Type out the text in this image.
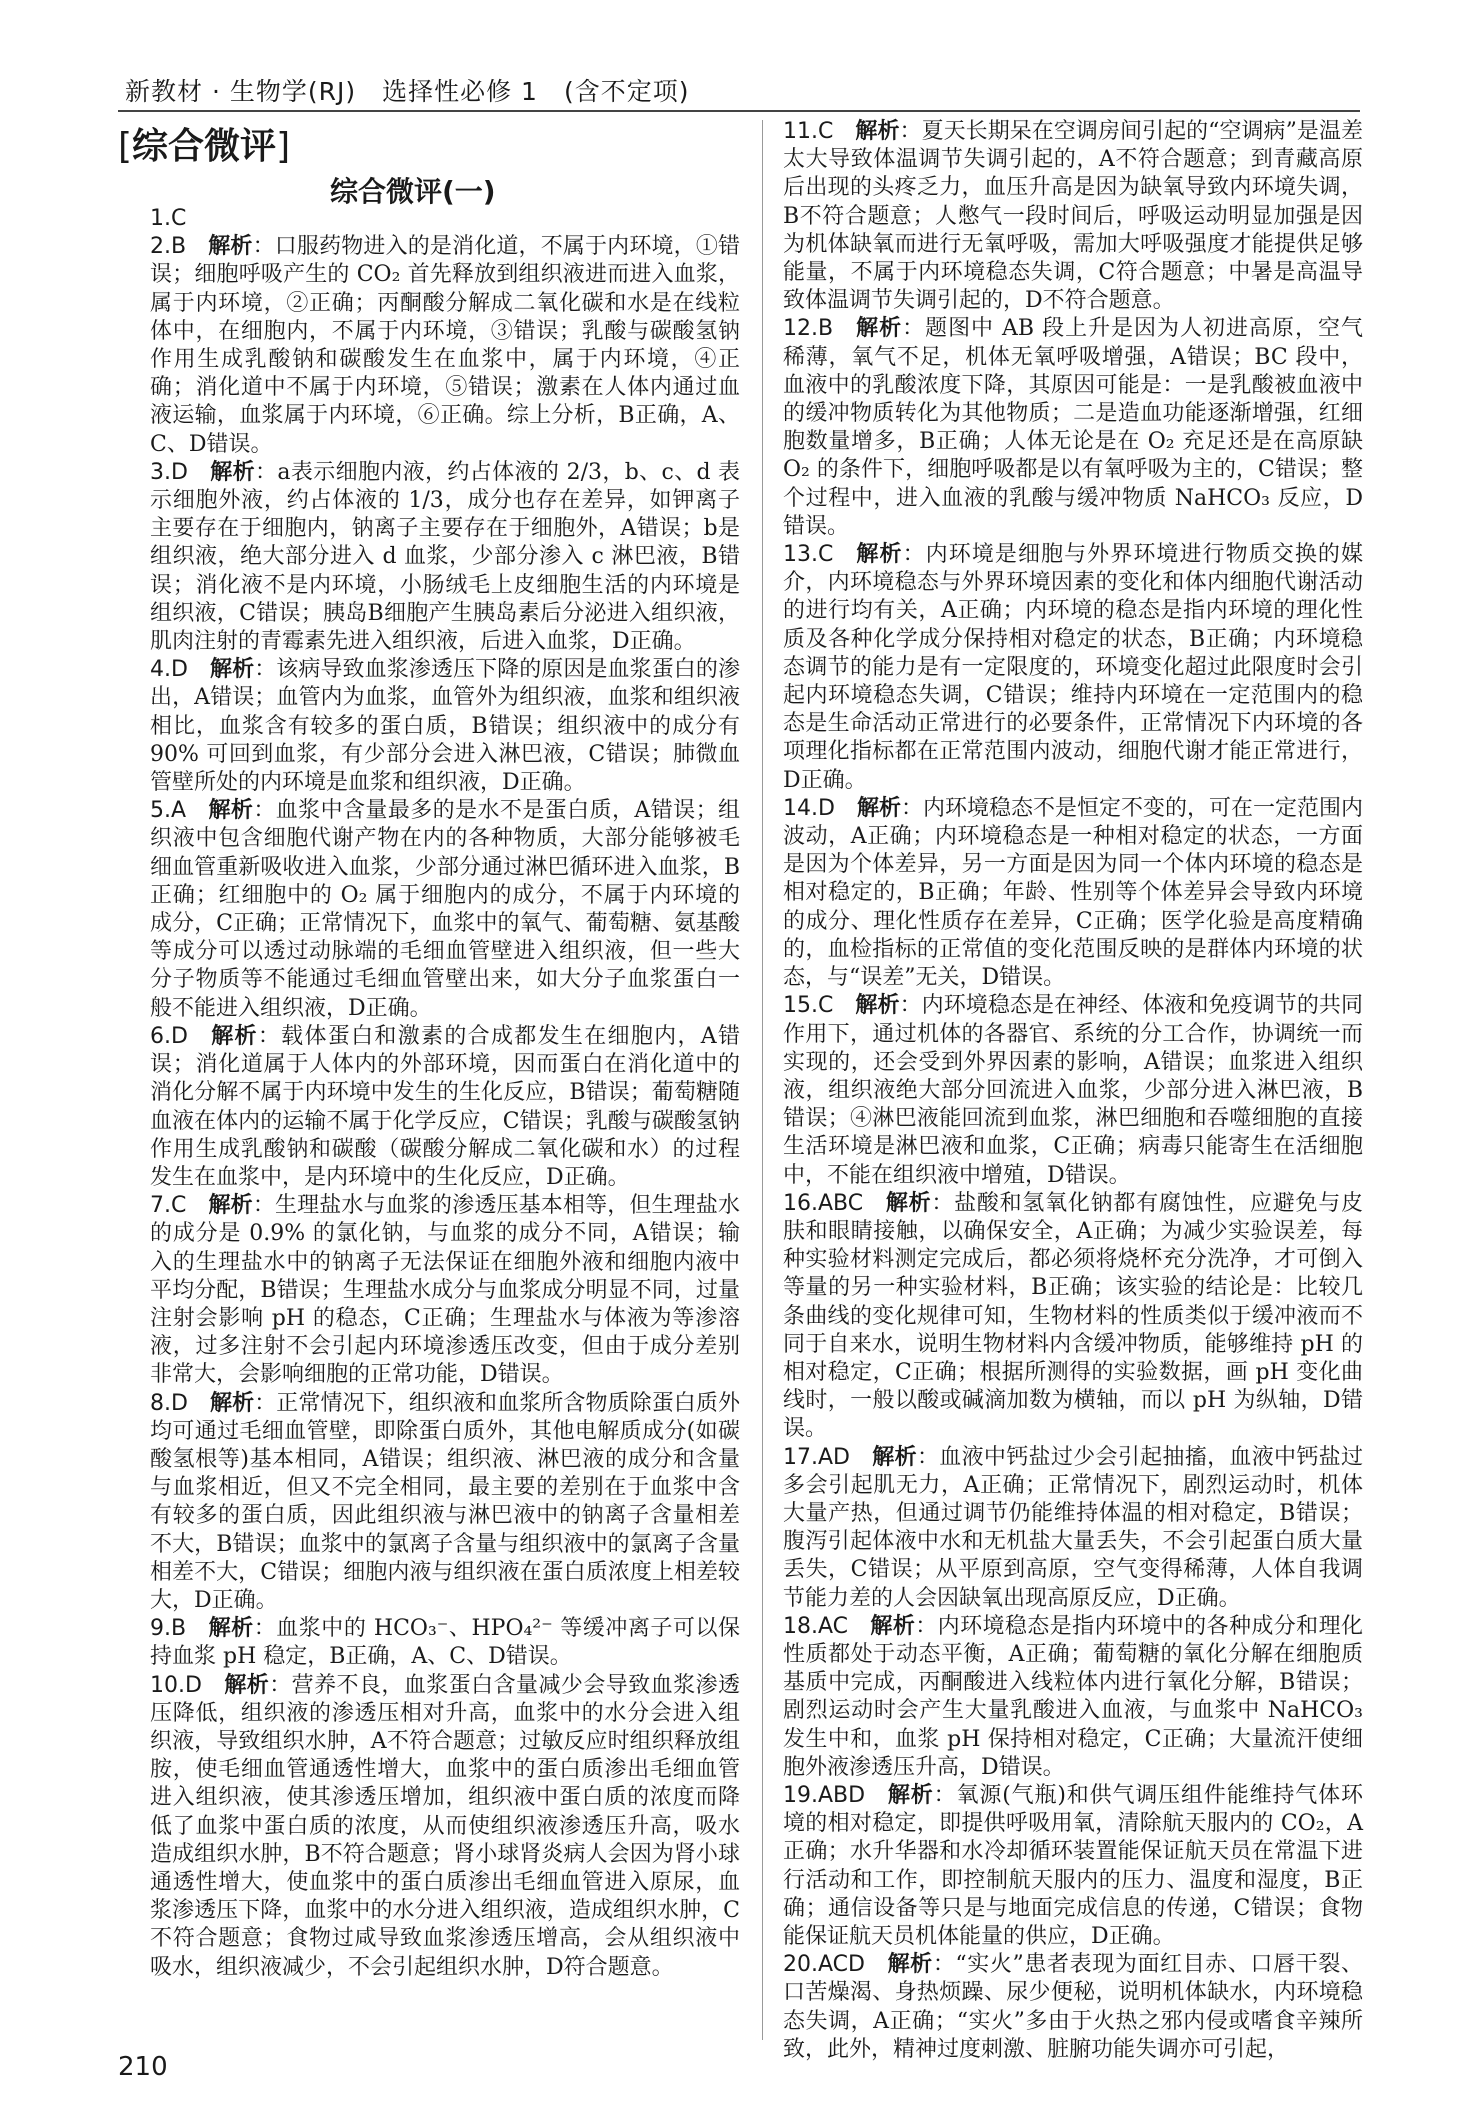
新教材 · 生物学(RJ)　选择性必修 1　(含不定项)
[综合微评]
综合微评(一)
1.C
2.B  解析：口服药物进入的是消化道，不属于内环境，①错误；细胞呼吸产生的 CO₂ 首先释放到组织液进而进入血浆，属于内环境，②正确；丙酮酸分解成二氧化碳和水是在线粒体中，在细胞内，不属于内环境，③错误；乳酸与碳酸氢钠作用生成乳酸钠和碳酸发生在血浆中，属于内环境，④正确；消化道中不属于内环境，⑤错误；激素在人体内通过血液运输，血浆属于内环境，⑥正确。综上分析，B正确，A、C、D错误。
3.D  解析：a表示细胞内液，约占体液的 2/3，b、c、d 表示细胞外液，约占体液的 1/3，成分也存在差异，如钾离子主要存在于细胞内，钠离子主要存在于细胞外，A错误；b是组织液，绝大部分进入 d 血浆，少部分渗入 c 淋巴液，B错误；消化液不是内环境，小肠绒毛上皮细胞生活的内环境是组织液，C错误；胰岛B细胞产生胰岛素后分泌进入组织液，肌肉注射的青霉素先进入组织液，后进入血浆，D正确。
4.D  解析：该病导致血浆渗透压下降的原因是血浆蛋白的渗出，A错误；血管内为血浆，血管外为组织液，血浆和组织液相比，血浆含有较多的蛋白质，B错误；组织液中的成分有 90% 可回到血浆，有少部分会进入淋巴液，C错误；肺微血管壁所处的内环境是血浆和组织液，D正确。
5.A  解析：血浆中含量最多的是水不是蛋白质，A错误；组织液中包含细胞代谢产物在内的各种物质，大部分能够被毛细血管重新吸收进入血浆，少部分通过淋巴循环进入血浆，B正确；红细胞中的 O₂ 属于细胞内的成分，不属于内环境的成分，C正确；正常情况下，血浆中的氧气、葡萄糖、氨基酸等成分可以透过动脉端的毛细血管壁进入组织液，但一些大分子物质等不能通过毛细血管壁出来，如大分子血浆蛋白一般不能进入组织液，D正确。
6.D  解析：载体蛋白和激素的合成都发生在细胞内，A错误；消化道属于人体内的外部环境，因而蛋白在消化道中的消化分解不属于内环境中发生的生化反应，B错误；葡萄糖随血液在体内的运输不属于化学反应，C错误；乳酸与碳酸氢钠作用生成乳酸钠和碳酸（碳酸分解成二氧化碳和水）的过程发生在血浆中，是内环境中的生化反应，D正确。
7.C  解析：生理盐水与血浆的渗透压基本相等，但生理盐水的成分是 0.9% 的氯化钠，与血浆的成分不同，A错误；输入的生理盐水中的钠离子无法保证在细胞外液和细胞内液中平均分配，B错误；生理盐水成分与血浆成分明显不同，过量注射会影响 pH 的稳态，C正确；生理盐水与体液为等渗溶液，过多注射不会引起内环境渗透压改变，但由于成分差别非常大，会影响细胞的正常功能，D错误。
8.D  解析：正常情况下，组织液和血浆所含物质除蛋白质外均可通过毛细血管壁，即除蛋白质外，其他电解质成分(如碳酸氢根等)基本相同，A错误；组织液、淋巴液的成分和含量与血浆相近，但又不完全相同，最主要的差别在于血浆中含有较多的蛋白质，因此组织液与淋巴液中的钠离子含量相差不大，B错误；血浆中的氯离子含量与组织液中的氯离子含量相差不大，C错误；细胞内液与组织液在蛋白质浓度上相差较大，D正确。
9.B  解析：血浆中的 HCO₃⁻、HPO₄²⁻ 等缓冲离子可以保持血浆 pH 稳定，B正确，A、C、D错误。
10.D  解析：营养不良，血浆蛋白含量减少会导致血浆渗透压降低，组织液的渗透压相对升高，血浆中的水分会进入组织液，导致组织水肿，A不符合题意；过敏反应时组织释放组胺，使毛细血管通透性增大，血浆中的蛋白质渗出毛细血管进入组织液，使其渗透压增加，组织液中蛋白质的浓度而降低了血浆中蛋白质的浓度，从而使组织液渗透压升高，吸水造成组织水肿，B不符合题意；肾小球肾炎病人会因为肾小球通透性增大，使血浆中的蛋白质渗出毛细血管进入原尿，血浆渗透压下降，血浆中的水分进入组织液，造成组织水肿，C不符合题意；食物过咸导致血浆渗透压增高，会从组织液中吸水，组织液减少，不会引起组织水肿，D符合题意。
11.C  解析：夏天长期呆在空调房间引起的“空调病”是温差太大导致体温调节失调引起的，A不符合题意；到青藏高原后出现的头疼乏力，血压升高是因为缺氧导致内环境失调，B不符合题意；人憋气一段时间后，呼吸运动明显加强是因为机体缺氧而进行无氧呼吸，需加大呼吸强度才能提供足够能量，不属于内环境稳态失调，C符合题意；中暑是高温导致体温调节失调引起的，D不符合题意。
12.B  解析：题图中 AB 段上升是因为人初进高原，空气稀薄，氧气不足，机体无氧呼吸增强，A错误；BC 段中，血液中的乳酸浓度下降，其原因可能是：一是乳酸被血液中的缓冲物质转化为其他物质；二是造血功能逐渐增强，红细胞数量增多，B正确；人体无论是在 O₂ 充足还是在高原缺 O₂ 的条件下，细胞呼吸都是以有氧呼吸为主的，C错误；整个过程中，进入血液的乳酸与缓冲物质 NaHCO₃ 反应，D错误。
13.C  解析：内环境是细胞与外界环境进行物质交换的媒介，内环境稳态与外界环境因素的变化和体内细胞代谢活动的进行均有关，A正确；内环境的稳态是指内环境的理化性质及各种化学成分保持相对稳定的状态，B正确；内环境稳态调节的能力是有一定限度的，环境变化超过此限度时会引起内环境稳态失调，C错误；维持内环境在一定范围内的稳态是生命活动正常进行的必要条件，正常情况下内环境的各项理化指标都在正常范围内波动，细胞代谢才能正常进行，D正确。
14.D  解析：内环境稳态不是恒定不变的，可在一定范围内波动，A正确；内环境稳态是一种相对稳定的状态，一方面是因为个体差异，另一方面是因为同一个体内环境的稳态是相对稳定的，B正确；年龄、性别等个体差异会导致内环境的成分、理化性质存在差异，C正确；医学化验是高度精确的，血检指标的正常值的变化范围反映的是群体内环境的状态，与“误差”无关，D错误。
15.C  解析：内环境稳态是在神经、体液和免疫调节的共同作用下，通过机体的各器官、系统的分工合作，协调统一而实现的，还会受到外界因素的影响，A错误；血浆进入组织液，组织液绝大部分回流进入血浆，少部分进入淋巴液，B错误；④淋巴液能回流到血浆，淋巴细胞和吞噬细胞的直接生活环境是淋巴液和血浆，C正确；病毒只能寄生在活细胞中，不能在组织液中增殖，D错误。
16.ABC  解析：盐酸和氢氧化钠都有腐蚀性，应避免与皮肤和眼睛接触，以确保安全，A正确；为减少实验误差，每种实验材料测定完成后，都必须将烧杯充分洗净，才可倒入等量的另一种实验材料，B正确；该实验的结论是：比较几条曲线的变化规律可知，生物材料的性质类似于缓冲液而不同于自来水，说明生物材料内含缓冲物质，能够维持 pH 的相对稳定，C正确；根据所测得的实验数据，画 pH 变化曲线时，一般以酸或碱滴加数为横轴，而以 pH 为纵轴，D错误。
17.AD  解析：血液中钙盐过少会引起抽搐，血液中钙盐过多会引起肌无力，A正确；正常情况下，剧烈运动时，机体大量产热，但通过调节仍能维持体温的相对稳定，B错误；腹泻引起体液中水和无机盐大量丢失，不会引起蛋白质大量丢失，C错误；从平原到高原，空气变得稀薄，人体自我调节能力差的人会因缺氧出现高原反应，D正确。
18.AC  解析：内环境稳态是指内环境中的各种成分和理化性质都处于动态平衡，A正确；葡萄糖的氧化分解在细胞质基质中完成，丙酮酸进入线粒体内进行氧化分解，B错误；剧烈运动时会产生大量乳酸进入血液，与血浆中 NaHCO₃ 发生中和，血浆 pH 保持相对稳定，C正确；大量流汗使细胞外液渗透压升高，D错误。
19.ABD  解析：氧源(气瓶)和供气调压组件能维持气体环境的相对稳定，即提供呼吸用氧，清除航天服内的 CO₂，A正确；水升华器和水冷却循环装置能保证航天员在常温下进行活动和工作，即控制航天服内的压力、温度和湿度，B正确；通信设备等只是与地面完成信息的传递，C错误；食物能保证航天员机体能量的供应，D正确。
20.ACD  解析：“实火”患者表现为面红目赤、口唇干裂、口苦燥渴、身热烦躁、尿少便秘，说明机体缺水，内环境稳态失调，A正确；“实火”多由于火热之邪内侵或嗜食辛辣所致，此外，精神过度刺激、脏腑功能失调亦可引起，
210
